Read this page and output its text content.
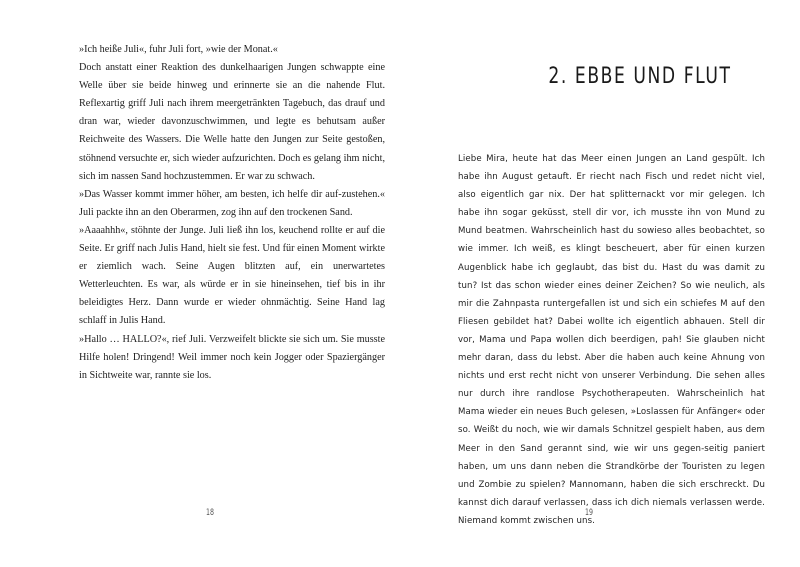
»Ich heiße Juli«, fuhr Juli fort, »wie der Monat.«

Doch anstatt einer Reaktion des dunkelhaarigen Jungen schwappte eine Welle über sie beide hinweg und erinnerte sie an die nahende Flut. Reflexartig griff Juli nach ihrem meergetränkten Tagebuch, das drauf und dran war, wieder davonzuschwimmen, und legte es behutsam außer Reichweite des Wassers. Die Welle hatte den Jungen zur Seite gestoßen, stöhnend versuchte er, sich wieder aufzurichten. Doch es gelang ihm nicht, sich im nassen Sand hochzustemmen. Er war zu schwach.

»Das Wasser kommt immer höher, am besten, ich helfe dir auf-zustehen.« Juli packte ihn an den Oberarmen, zog ihn auf den trockenen Sand.

»Aaaahhh«, stöhnte der Junge. Juli ließ ihn los, keuchend rollte er auf die Seite. Er griff nach Julis Hand, hielt sie fest. Und für einen Moment wirkte er ziemlich wach. Seine Augen blitzten auf, ein unerwartetes Wetterleuchten. Es war, als würde er in sie hineinsehen, tief bis in ihr beleidigtes Herz. Dann wurde er wieder ohnmächtig. Seine Hand lag schlaff in Julis Hand.

»Hallo … HALLO?«, rief Juli. Verzweifelt blickte sie sich um. Sie musste Hilfe holen! Dringend! Weil immer noch kein Jogger oder Spaziergänger in Sichtweite war, rannte sie los.

18
2. EBBE UND FLUT

Liebe Mira, heute hat das Meer einen Jungen an Land gespült. Ich habe ihn August getauft. Er riecht nach Fisch und redet nicht viel, also eigentlich gar nix. Der hat splitternackt vor mir gelegen. Ich habe ihn sogar geküsst, stell dir vor, ich musste ihn von Mund zu Mund beatmen. Wahrscheinlich hast du sowieso alles beobachtet, so wie immer. Ich weiß, es klingt bescheuert, aber für einen kurzen Augenblick habe ich geglaubt, das bist du. Hast du was damit zu tun? Ist das schon wieder eines deiner Zeichen? So wie neulich, als mir die Zahnpasta runtergefallen ist und sich ein schiefes M auf den Fliesen gebildet hat? Dabei wollte ich eigentlich abhauen. Stell dir vor, Mama und Papa wollen dich beerdigen, pah! Sie glauben nicht mehr daran, dass du lebst. Aber die haben auch keine Ahnung von nichts und erst recht nicht von unserer Verbindung. Die sehen alles nur durch ihre randlose Psychotherapeuten. Wahrscheinlich hat Mama wieder ein neues Buch gelesen, »Loslassen für Anfänger« oder so. Weißt du noch, wie wir damals Schnitzel gespielt haben, aus dem Meer in den Sand gerannt sind, wie wir uns gegen-seitig paniert haben, um uns dann neben die Strandkörbe der Touristen zu legen und Zombie zu spielen? Mannomann, haben die sich erschreckt. Du kannst dich darauf verlassen, dass ich dich niemals verlassen werde. Niemand kommt zwischen uns.

19
